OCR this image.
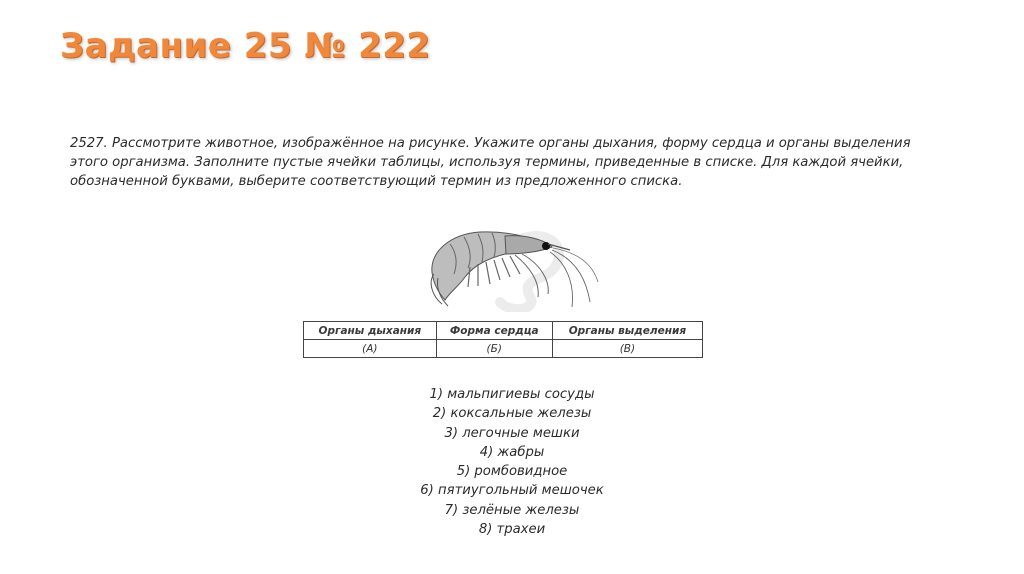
Задание 25 № 222
2527. Рассмотрите животное, изображённое на рисунке. Укажите органы дыхания, форму сердца и органы выделения этого организма. Заполните пустые ячейки таблицы, используя термины, приведенные в списке. Для каждой ячейки, обозначенной буквами, выберите соответствующий термин из предложенного списка.
Органы дыхания	Форма сердца	Органы выделения
(А)	(Б)	(В)
1) мальпигиевы сосуды
2) коксальные железы
3) легочные мешки
4) жабры
5) ромбовидное
6) пятиугольный мешочек
7) зелёные железы
8) трахеи
